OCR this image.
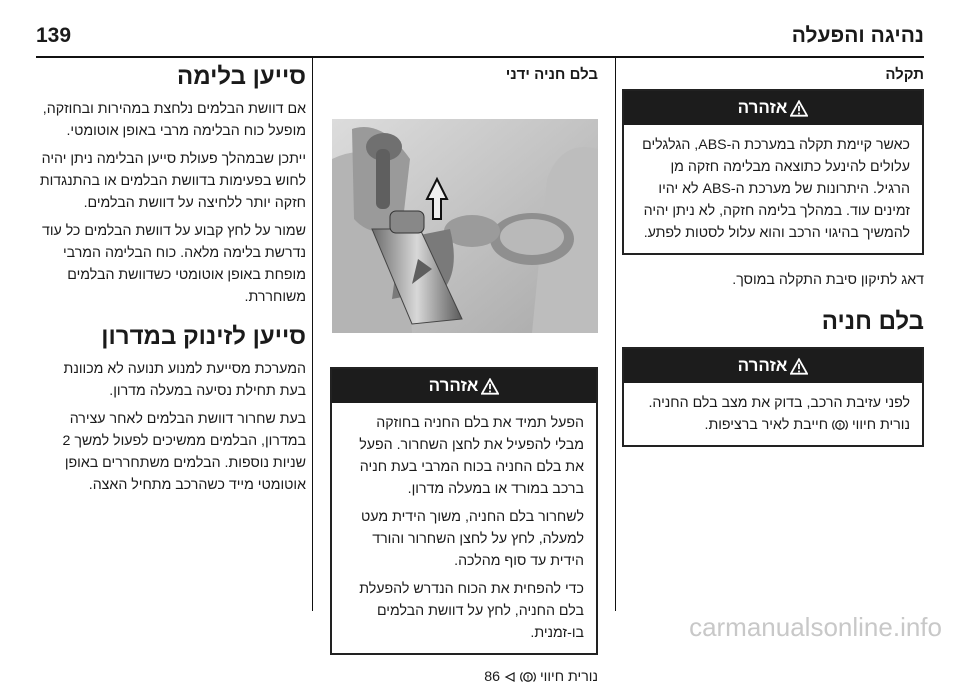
נהיגה והפעלה
139
תקלה
אזהרה
כאשר קיימת תקלה במערכת ה-ABS, הגלגלים עלולים להינעל כתוצאה מבלימה חזקה מן הרגיל. היתרונות של מערכת ה-ABS לא יהיו זמינים עוד. במהלך בלימה חזקה, לא ניתן יהיה להמשיך בהיגוי הרכב והוא עלול לסטות לפתע.
דאג לתיקון סיבת התקלה במוסך.
בלם חניה
אזהרה
לפני עזיבת הרכב, בדוק את מצב בלם החניה. נורית חיווי
!
חייבת לאיר ברציפות.
בלם חניה ידני
אזהרה

הפעל תמיד את בלם החניה בחוזקה מבלי להפעיל את לחצן השחרור. הפעל את בלם החניה בכוח המרבי בעת חניה ברכב במורד או במעלה מדרון.

לשחרור בלם החניה, משוך הידית מעט למעלה, לחץ על לחצן השחרור והורד הידית עד סוף מהלכה.

כדי להפחית את הכוח הנדרש להפעלת בלם החניה, לחץ על דוושת הבלמים בו-זמנית.

נורית חיווי
!
86
סייען בלימה

אם דוושת הבלמים נלחצת במהירות ובחוזקה, מופעל כוח הבלימה מרבי באופן אוטומטי.

ייתכן שבמהלך פעולת סייען הבלימה ניתן יהיה לחוש בפעימות בדוושת הבלמים או בהתנגדות חזקה יותר ללחיצה על דוושת הבלמים.

שמור על לחץ קבוע על דוושת הבלמים כל עוד נדרשת בלימה מלאה. כוח הבלימה המרבי מופחת באופן אוטומטי כשדוושת הבלמים משוחררת.

סייען לזינוק במדרון

המערכת מסייעת למנוע תנועה לא מכוונת בעת תחילת נסיעה במעלה מדרון.

בעת שחרור דוושת הבלמים לאחר עצירה במדרון, הבלמים ממשיכים לפעול למשך 2 שניות נוספות. הבלמים משתחררים באופן אוטומטי מייד כשהרכב מתחיל האצה.

carmanualsonline.info
